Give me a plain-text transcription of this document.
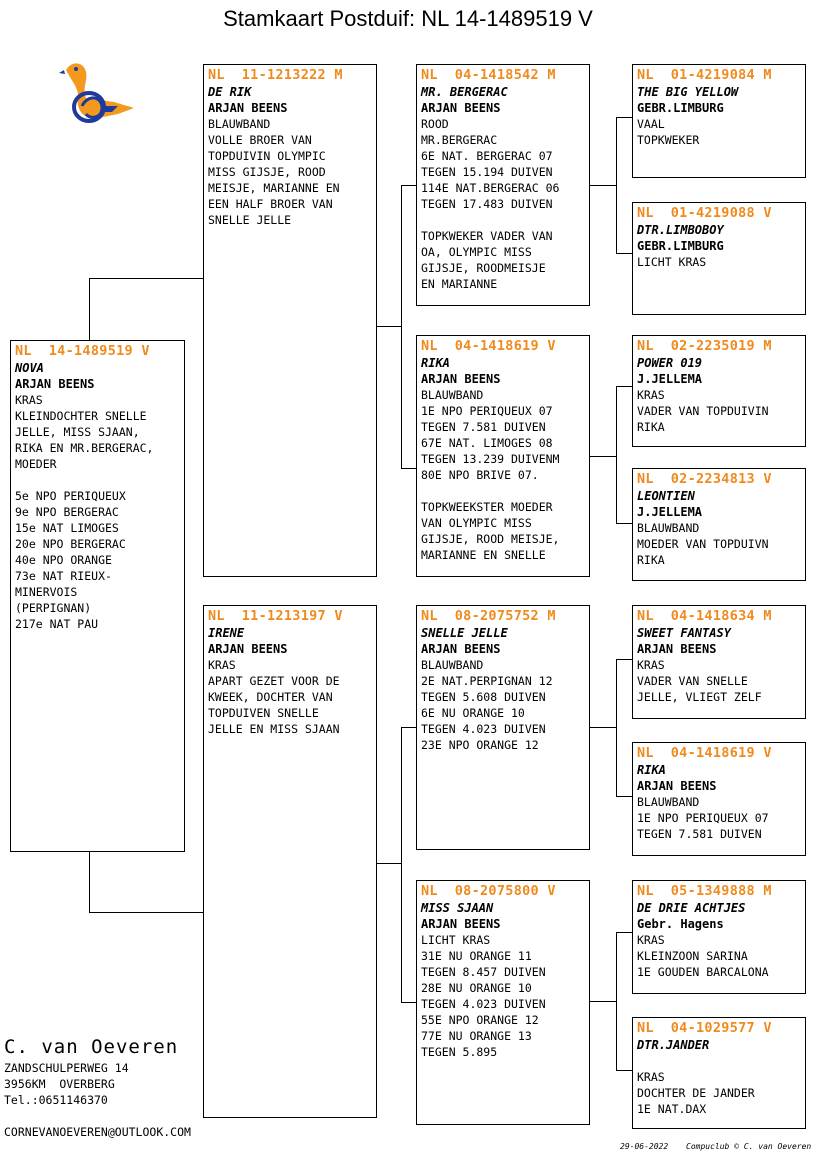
Stamkaart Postduif: NL 14-1489519 V
NL  14-1489519 V
NOVA
ARJAN BEENS
KRAS
KLEINDOCHTER SNELLE
JELLE, MISS SJAAN,
RIKA EN MR.BERGERAC,
MOEDER
5e NPO PERIQUEUX
9e NPO BERGERAC
15e NAT LIMOGES
20e NPO BERGERAC
40e NPO ORANGE
73e NAT RIEUX-
MINERVOIS
(PERPIGNAN)
217e NAT PAU
NL  11-1213222 M
DE RIK
ARJAN BEENS
BLAUWBAND
VOLLE BROER VAN
TOPDUIVIN OLYMPIC
MISS GIJSJE, ROOD
MEISJE, MARIANNE EN
EEN HALF BROER VAN
SNELLE JELLE
NL  11-1213197 V
IRENE
ARJAN BEENS
KRAS
APART GEZET VOOR DE
KWEEK, DOCHTER VAN
TOPDUIVEN SNELLE
JELLE EN MISS SJAAN
NL  04-1418542 M
MR. BERGERAC
ARJAN BEENS
ROOD
MR.BERGERAC
6E NAT. BERGERAC 07
TEGEN 15.194 DUIVEN
114E NAT.BERGERAC 06
TEGEN 17.483 DUIVEN
TOPKWEKER VADER VAN
OA, OLYMPIC MISS
GIJSJE, ROODMEISJE
EN MARIANNE
NL  04-1418619 V
RIKA
ARJAN BEENS
BLAUWBAND
1E NPO PERIQUEUX 07
TEGEN 7.581 DUIVEN
67E NAT. LIMOGES 08
TEGEN 13.239 DUIVENM
80E NPO BRIVE 07.
TOPKWEEKSTER MOEDER
VAN OLYMPIC MISS
GIJSJE, ROOD MEISJE,
MARIANNE EN SNELLE
NL  08-2075752 M
SNELLE JELLE
ARJAN BEENS
BLAUWBAND
2E NAT.PERPIGNAN 12
TEGEN 5.608 DUIVEN
6E NU ORANGE 10
TEGEN 4.023 DUIVEN
23E NPO ORANGE 12
NL  08-2075800 V
MISS SJAAN
ARJAN BEENS
LICHT KRAS
31E NU ORANGE 11
TEGEN 8.457 DUIVEN
28E NU ORANGE 10
TEGEN 4.023 DUIVEN
55E NPO ORANGE 12
77E NU ORANGE 13
TEGEN 5.895
NL  01-4219084 M
THE BIG YELLOW
GEBR.LIMBURG
VAAL
TOPKWEKER
NL  01-4219088 V
DTR.LIMBOBOY
GEBR.LIMBURG
LICHT KRAS
NL  02-2235019 M
POWER 019
J.JELLEMA
KRAS
VADER VAN TOPDUIVIN
RIKA
NL  02-2234813 V
LEONTIEN
J.JELLEMA
BLAUWBAND
MOEDER VAN TOPDUIVN
RIKA
NL  04-1418634 M
SWEET FANTASY
ARJAN BEENS
KRAS
VADER VAN SNELLE
JELLE, VLIEGT ZELF
NL  04-1418619 V
RIKA
ARJAN BEENS
BLAUWBAND
1E NPO PERIQUEUX 07
TEGEN 7.581 DUIVEN
NL  05-1349888 M
DE DRIE ACHTJES
Gebr. Hagens
KRAS
KLEINZOON SARINA
1E GOUDEN BARCALONA
NL  04-1029577 V
DTR.JANDER
KRAS
DOCHTER DE JANDER
1E NAT.DAX
C. van Oeveren
ZANDSCHULPERWEG 14
3956KM  OVERBERG
Tel.:0651146370
CORNEVANOEVEREN@OUTLOOK.COM
29-06-2022 Compuclub © C. van Oeveren
